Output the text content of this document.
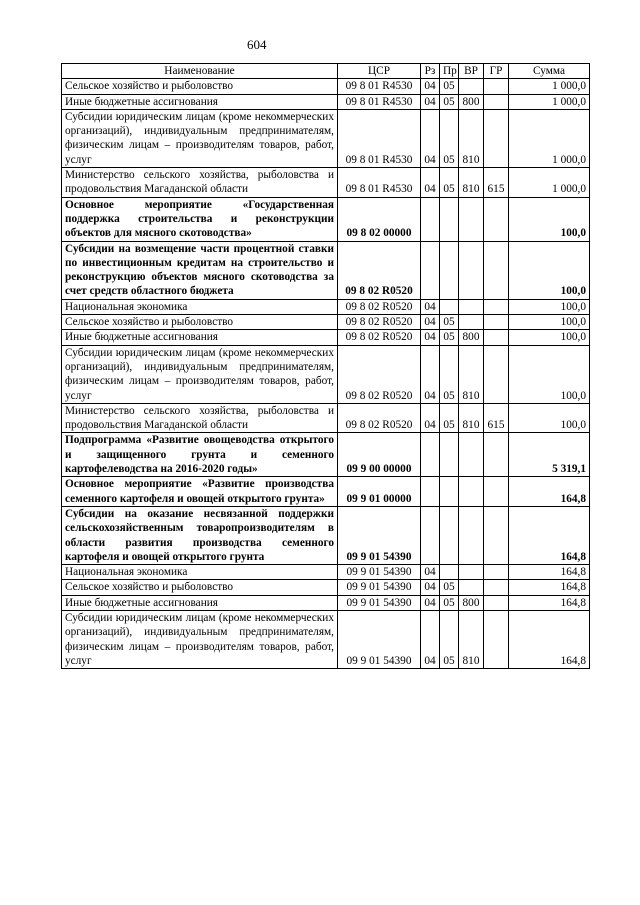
604
Наименование	ЦСР	Рз	Пр	ВР	ГР	Сумма
Сельское хозяйство и рыболовство	09 8 01 R4530	04	05			1 000,0
Иные бюджетные ассигнования	09 8 01 R4530	04	05	800		1 000,0
Субсидии юридическим лицам (кроме некоммерческих организаций), индивидуальным предпринимателям, физическим лицам – производителям товаров, работ, услуг	09 8 01 R4530	04	05	810		1 000,0
Министерство сельского хозяйства, рыболовства и продовольствия Магаданской области	09 8 01 R4530	04	05	810	615	1 000,0
Основное мероприятие «Государственная поддержка строительства и реконструкции объектов для мясного скотоводства»	09 8 02 00000					100,0
Субсидии на возмещение части процентной ставки по инвестиционным кредитам на строительство и реконструкцию объектов мясного скотоводства за счет средств областного бюджета	09 8 02 R0520					100,0
Национальная экономика	09 8 02 R0520	04				100,0
Сельское хозяйство и рыболовство	09 8 02 R0520	04	05			100,0
Иные бюджетные ассигнования	09 8 02 R0520	04	05	800		100,0
Субсидии юридическим лицам (кроме некоммерческих организаций), индивидуальным предпринимателям, физическим лицам – производителям товаров, работ, услуг	09 8 02 R0520	04	05	810		100,0
Министерство сельского хозяйства, рыболовства и продовольствия Магаданской области	09 8 02 R0520	04	05	810	615	100,0
Подпрограмма «Развитие овощеводства открытого и защищенного грунта и семенного картофелеводства на 2016-2020 годы»	09 9 00 00000					5 319,1
Основное мероприятие «Развитие производства семенного картофеля и овощей открытого грунта»	09 9 01 00000					164,8
Субсидии на оказание несвязанной поддержки сельскохозяйственным товаропроизводителям в области развития производства семенного картофеля и овощей открытого грунта	09 9 01 54390					164,8
Национальная экономика	09 9 01 54390	04				164,8
Сельское хозяйство и рыболовство	09 9 01 54390	04	05			164,8
Иные бюджетные ассигнования	09 9 01 54390	04	05	800		164,8
Субсидии юридическим лицам (кроме некоммерческих организаций), индивидуальным предпринимателям, физическим лицам – производителям товаров, работ, услуг	09 9 01 54390	04	05	810		164,8
